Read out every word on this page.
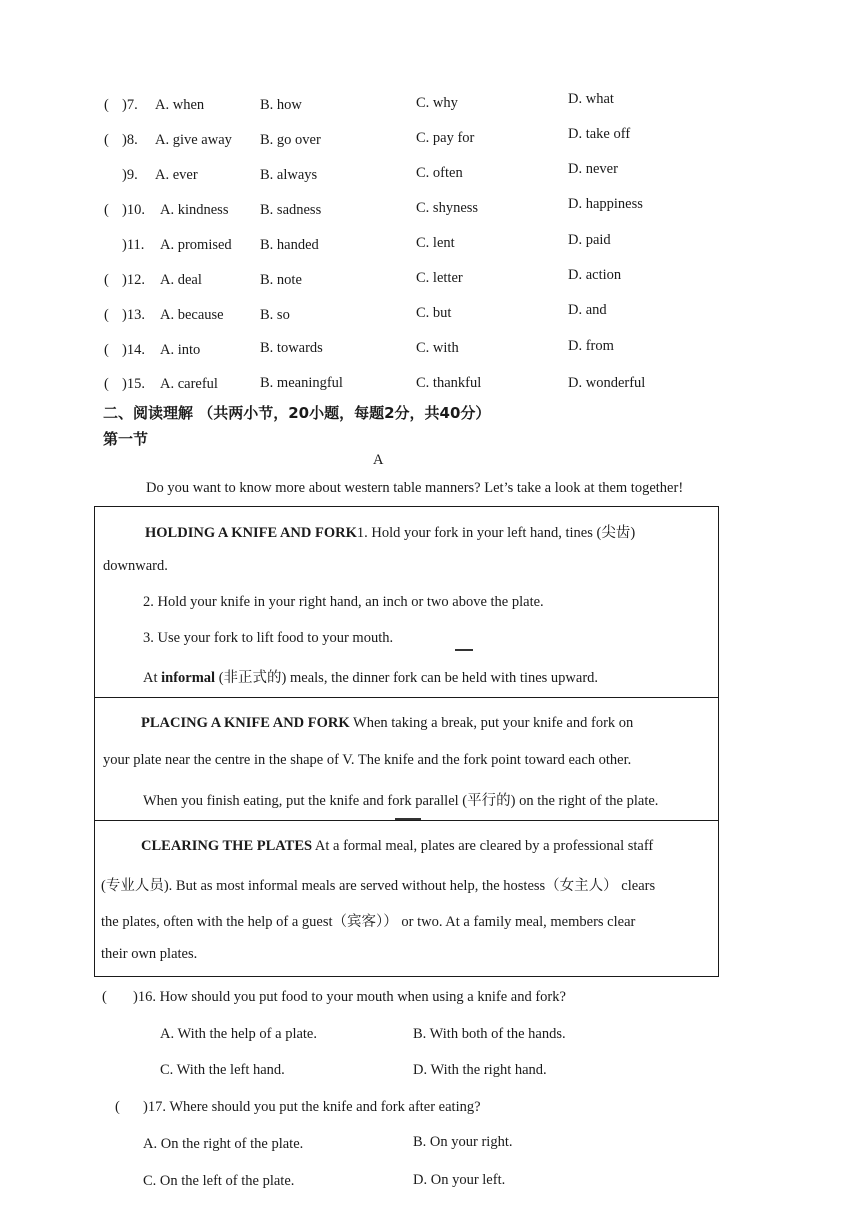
( )7. A. when	B. how	C. why	D. what
( )8. A. give away B. go over	C. pay for	D. take off
)9. A. ever	B. always	C. often	D. never
( )10. A. kindness B. sadness	C. shyness	D. happiness
)11. A. promised B. handed	C. lent	D. paid
( )12. A. deal	B. note	C. letter	D. action
( )13. A. because	B. so	C. but	D. and
( )14. A. into	B. towards	C. with	D. from
( )15. A. careful	B. meaningful	C. thankful	D. wonderful
二、阅读理解 （共两小节，20小题，每题2分，共40分）
第一节
A
Do you want to know more about western table manners? Let’s take a look at them together!
HOLDING A KNIFE AND FORK1. Hold your fork in your left hand, tines (尖齿)
downward.
2. Hold your knife in your right hand, an inch or two above the plate.
3. Use your fork to lift food to your mouth.
At informal (非正式的) meals, the dinner fork can be held with tines upward.
PLACING A KNIFE AND FORK When taking a break, put your knife and fork on
your plate near the centre in the shape of V. The knife and the fork point toward each other.
When you finish eating, put the knife and fork parallel (平行的) on the right of the plate.
CLEARING THE PLATES At a formal meal, plates are cleared by a professional staff
(专业人员). But as most informal meals are served without help, the hostess（女主人） clears
the plates, often with the help of a guest（宾客）） or two. At a family meal, members clear
their own plates.
( )16. How should you put food to your mouth when using a knife and fork?
A. With the help of a plate.	B. With both of the hands.
C. With the left hand.	D. With the right hand.
( )17. Where should you put the knife and fork after eating?
A. On the right of the plate.	B. On your right.
C. On the left of the plate.	D. On your left.
